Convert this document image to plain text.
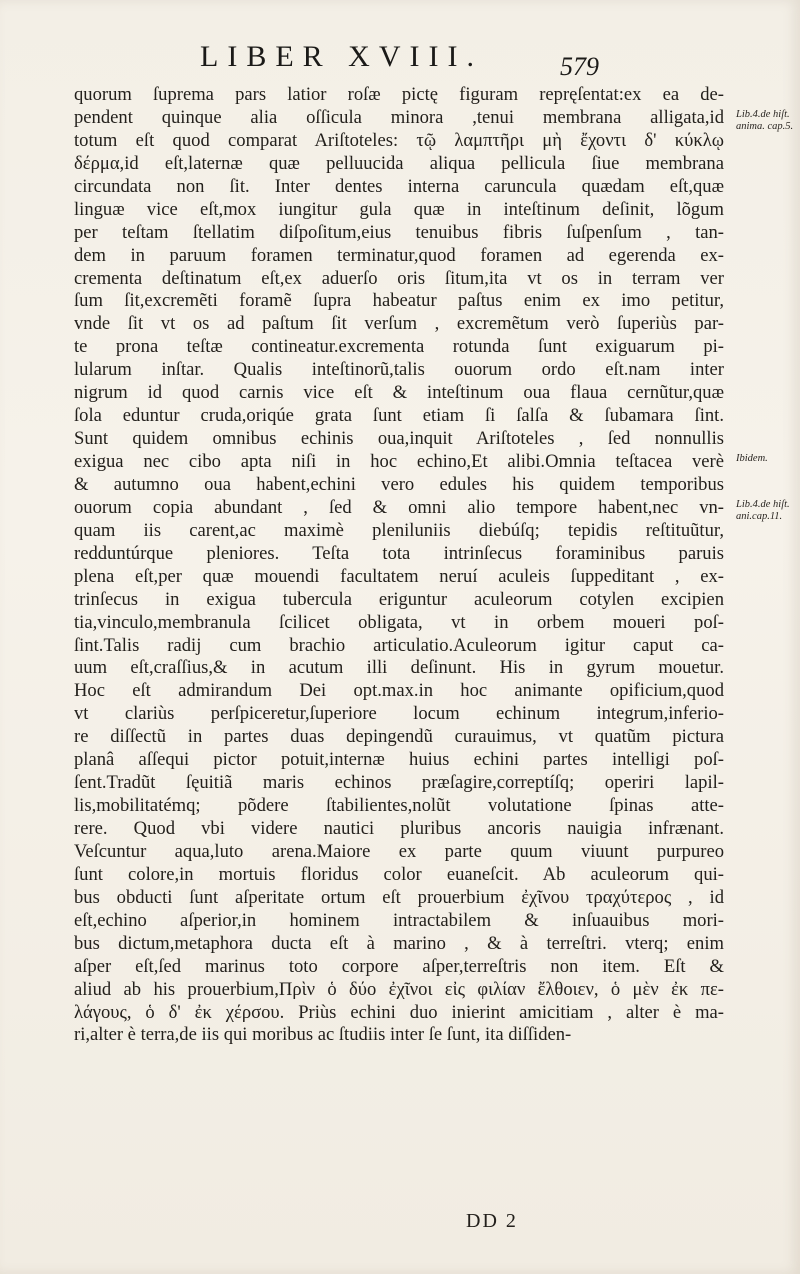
LIBER XVIII.	579
quorum ſuprema pars latior roſæ pictę figuram repręſentat:ex ea de-
pendent quinque alia oſſicula minora ,tenui membrana alligata,id
totum eſt quod comparat Ariſtoteles: τῷ λαμπτῆρι μὴ ἔχοντι δ' κύκλῳ
δέρμα,id eſt,laternæ quæ pelluucida aliqua pellicula ſiue membrana
circundata non ſit. Inter dentes interna caruncula quædam eſt,quæ
linguæ vice eſt,mox iungitur gula quæ in inteſtinum deſinit, lõgum
per teſtam ſtellatim diſpoſitum,eius tenuibus fibris ſuſpenſum , tan-
dem in paruum foramen terminatur,quod foramen ad egerenda ex-
crementa deſtinatum eſt,ex aduerſo oris ſitum,ita vt os in terram ver
ſum ſit,excremẽti foramẽ ſupra habeatur paſtus enim ex imo petitur,
vnde ſit vt os ad paſtum ſit verſum , excremẽtum verò ſuperiùs par-
te prona teſtæ contineatur.excrementa rotunda ſunt exiguarum pi-
lularum inſtar. Qualis inteſtinorũ,talis ouorum ordo eſt.nam inter
nigrum id quod carnis vice eſt & inteſtinum oua flaua cernũtur,quæ
ſola eduntur cruda,oriqúe grata ſunt etiam ſi ſalſa & ſubamara ſint.
Sunt quidem omnibus echinis oua,inquit Ariſtoteles , ſed nonnullis
exigua nec cibo apta niſi in hoc echino,Et alibi.Omnia teſtacea verè
& autumno oua habent,echini vero edules his quidem temporibus
ouorum copia abundant , ſed & omni alio tempore habent,nec vn-
quam iis carent,ac maximè pleniluniis diebúſq; tepidis reſtituũtur,
redduntúrque pleniores. Teſta tota intrinſecus foraminibus paruis
plena eſt,per quæ mouendi facultatem neruí aculeis ſuppeditant , ex-
trinſecus in exigua tubercula eriguntur aculeorum cotylen excipien
tia,vinculo,membranula ſcilicet obligata, vt in orbem moueri poſ-
ſint.Talis radij cum brachio articulatio.Aculeorum igitur caput ca-
uum eſt,craſſius,& in acutum illi deſinunt. His in gyrum mouetur.
Hoc eſt admirandum Dei opt.max.in hoc animante opificium,quod
vt clariùs perſpiceretur,ſuperiore locum echinum integrum,inferio-
re diſſectũ in partes duas depingendũ curauimus, vt quatũm pictura
planâ aſſequi pictor potuit,internæ huius echini partes intelligi poſ-
ſent.Tradũt ſęuitiã maris echinos præſagire,correptíſq; operiri lapil-
lis,mobilitatémq; põdere ſtabilientes,nolũt volutatione ſpinas atte-
rere. Quod vbi videre nautici pluribus ancoris nauigia infrænant.
Veſcuntur aqua,luto arena.Maiore ex parte quum viuunt purpureo
ſunt colore,in mortuis floridus color euaneſcit. Ab aculeorum qui-
bus obducti ſunt aſperitate ortum eſt prouerbium ἐχῖνου τραχύτερος , id
eſt,echino aſperior,in hominem intractabilem & inſuauibus mori-
bus dictum,metaphora ducta eſt à marino , & à terreſtri. vterq; enim
aſper eſt,ſed marinus toto corpore aſper,terreſtris non item. Eſt &
aliud ab his prouerbium,Πρὶν ὁ δύο ἐχῖνοι εἰς φιλίαν ἔλθοιεν, ὁ μὲν ἐκ πε-
λάγους, ὁ δ' ἐκ χέρσου. Priùs echini duo inierint amicitiam , alter è ma-
ri,alter è terra,de iis qui moribus ac ſtudiis inter ſe ſunt, ita diſſiden-
Lib.4.de hiſt.
anima. cap.5.
Ibidem.
Lib.4.de hiſt.
ani.cap.11.
DD 2
